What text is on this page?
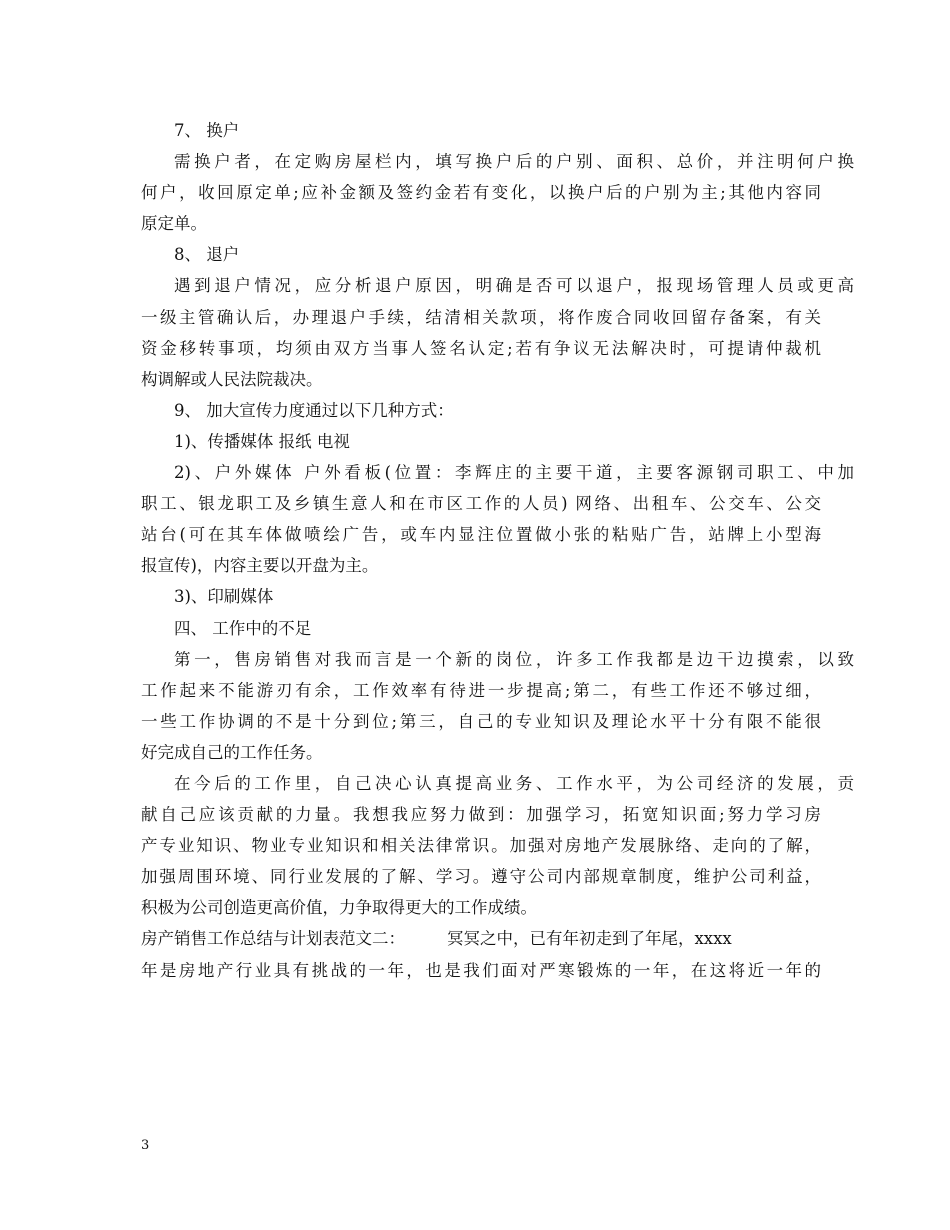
7、 换户
需换户者，在定购房屋栏内，填写换户后的户别、面积、总价，并注明何户换
何户，收回原定单;应补金额及签约金若有变化，以换户后的户别为主;其他内容同
原定单。
8、 退户
遇到退户情况，应分析退户原因，明确是否可以退户，报现场管理人员或更高
一级主管确认后，办理退户手续，结清相关款项，将作废合同收回留存备案，有关
资金移转事项，均须由双方当事人签名认定;若有争议无法解决时，可提请仲裁机
构调解或人民法院裁决。
9、 加大宣传力度通过以下几种方式：
1)、传播媒体 报纸 电视
2)、户外媒体 户外看板(位置：李辉庄的主要干道，主要客源钢司职工、中加
职工、银龙职工及乡镇生意人和在市区工作的人员) 网络、出租车、公交车、公交
站台(可在其车体做喷绘广告，或车内显注位置做小张的粘贴广告，站牌上小型海
报宣传)，内容主要以开盘为主。
3)、印刷媒体
四、 工作中的不足
第一，售房销售对我而言是一个新的岗位，许多工作我都是边干边摸索，以致
工作起来不能游刃有余，工作效率有待进一步提高;第二，有些工作还不够过细，
一些工作协调的不是十分到位;第三，自己的专业知识及理论水平十分有限不能很
好完成自己的工作任务。
在今后的工作里，自己决心认真提高业务、工作水平，为公司经济的发展，贡
献自己应该贡献的力量。我想我应努力做到：加强学习，拓宽知识面;努力学习房
产专业知识、物业专业知识和相关法律常识。加强对房地产发展脉络、走向的了解，
加强周围环境、同行业发展的了解、学习。遵守公司内部规章制度，维护公司利益，
积极为公司创造更高价值，力争取得更大的工作成绩。
房产销售工作总结与计划表范文二：	冥冥之中，已有年初走到了年尾，xxxx
年是房地产行业具有挑战的一年，也是我们面对严寒锻炼的一年，在这将近一年的
3
